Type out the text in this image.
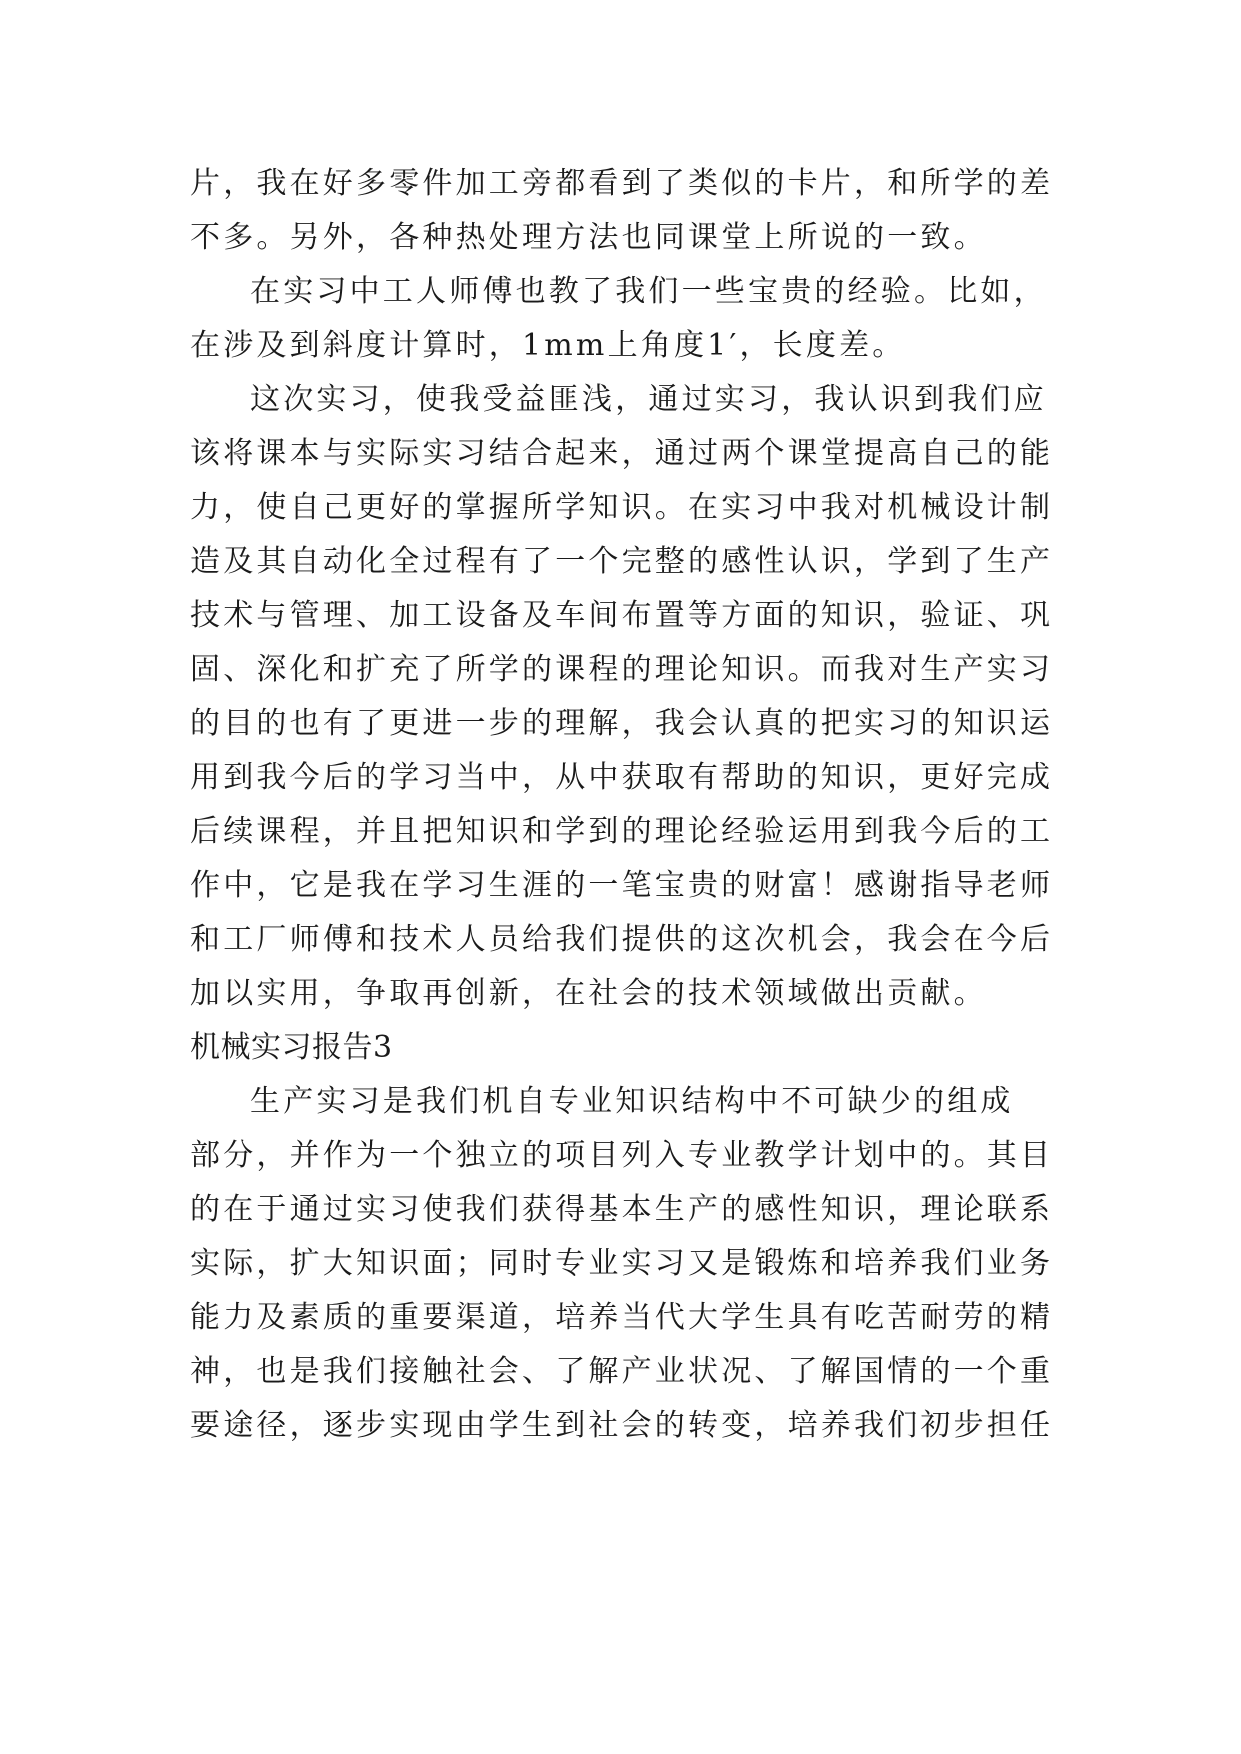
片，我在好多零件加工旁都看到了类似的卡片，和所学的差
不多。另外，各种热处理方法也同课堂上所说的一致。
在实习中工人师傅也教了我们一些宝贵的经验。比如，
在涉及到斜度计算时，1mm上角度1′，长度差。
这次实习，使我受益匪浅，通过实习，我认识到我们应
该将课本与实际实习结合起来，通过两个课堂提高自己的能
力，使自己更好的掌握所学知识。在实习中我对机械设计制
造及其自动化全过程有了一个完整的感性认识，学到了生产
技术与管理、加工设备及车间布置等方面的知识，验证、巩
固、深化和扩充了所学的课程的理论知识。而我对生产实习
的目的也有了更进一步的理解，我会认真的把实习的知识运
用到我今后的学习当中，从中获取有帮助的知识，更好完成
后续课程，并且把知识和学到的理论经验运用到我今后的工
作中，它是我在学习生涯的一笔宝贵的财富！感谢指导老师
和工厂师傅和技术人员给我们提供的这次机会，我会在今后
加以实用，争取再创新，在社会的技术领域做出贡献。
机械实习报告3
生产实习是我们机自专业知识结构中不可缺少的组成
部分，并作为一个独立的项目列入专业教学计划中的。其目
的在于通过实习使我们获得基本生产的感性知识，理论联系
实际，扩大知识面；同时专业实习又是锻炼和培养我们业务
能力及素质的重要渠道，培养当代大学生具有吃苦耐劳的精
神，也是我们接触社会、了解产业状况、了解国情的一个重
要途径，逐步实现由学生到社会的转变，培养我们初步担任
